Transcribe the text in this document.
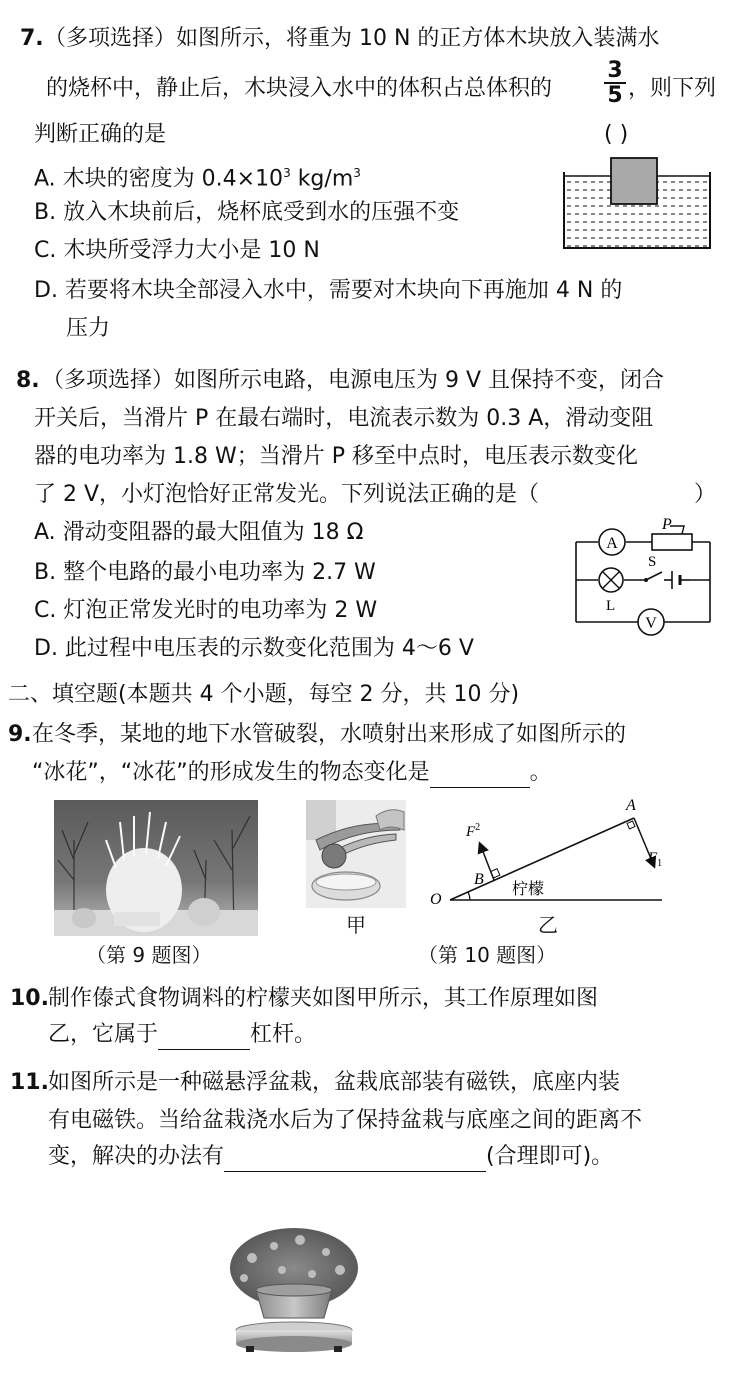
7. （多项选择）如图所示，将重为 10 N 的正方体木块放入装满水
的烧杯中，静止后，木块浸入水中的体积占总体积的 $\frac{3}{5}$ ，则下列
判断正确的是	( )
A. 木块的密度为 $0.4\times 10^3$ $kg/m^3$
B. 放入木块前后，烧杯底受到水的压强不变
C. 木块所受浮力大小是 10 N
D. 若要将木块全部浸入水中，需要对木块向下再施加 4 N 的
压力
8. （多项选择）如图所示电路，电源电压为 9 V 且保持不变，闭合
开关后，当滑片 P 在最右端时，电流表示数为 0.3 A，滑动变阻
器的电功率为 1.8 W；当滑片 P 移至中点时，电压表示数变化
了 2 V，小灯泡恰好正常发光。下列说法正确的是（	）
A. 滑动变阻器的最大阻值为 18 Ω
B. 整个电路的最小电功率为 2.7 W
C. 灯泡正常发光时的电功率为 2 W
D. 此过程中电压表的示数变化范围为 4～6 V
A
P
L
S
V
二、填空题(本题共 4 个小题，每空 2 分，共 10 分)
9. 在冬季，某地的地下水管破裂，水喷射出来形成了如图所示的
“冰花”，“冰花”的形成发生的物态变化是	。
（第 9 题图）
甲
A
B
O
$F_1$
$F^2$
柠檬
乙
（第 10 题图）
10. 制作傣式食物调料的柠檬夹如图甲所示，其工作原理如图
乙，它属于	杠杆。
11. 如图所示是一种磁悬浮盆栽，盆栽底部装有磁铁，底座内装
有电磁铁。当给盆栽浇水后为了保持盆栽与底座之间的距离不
变，解决的办法有	(合理即可)。
